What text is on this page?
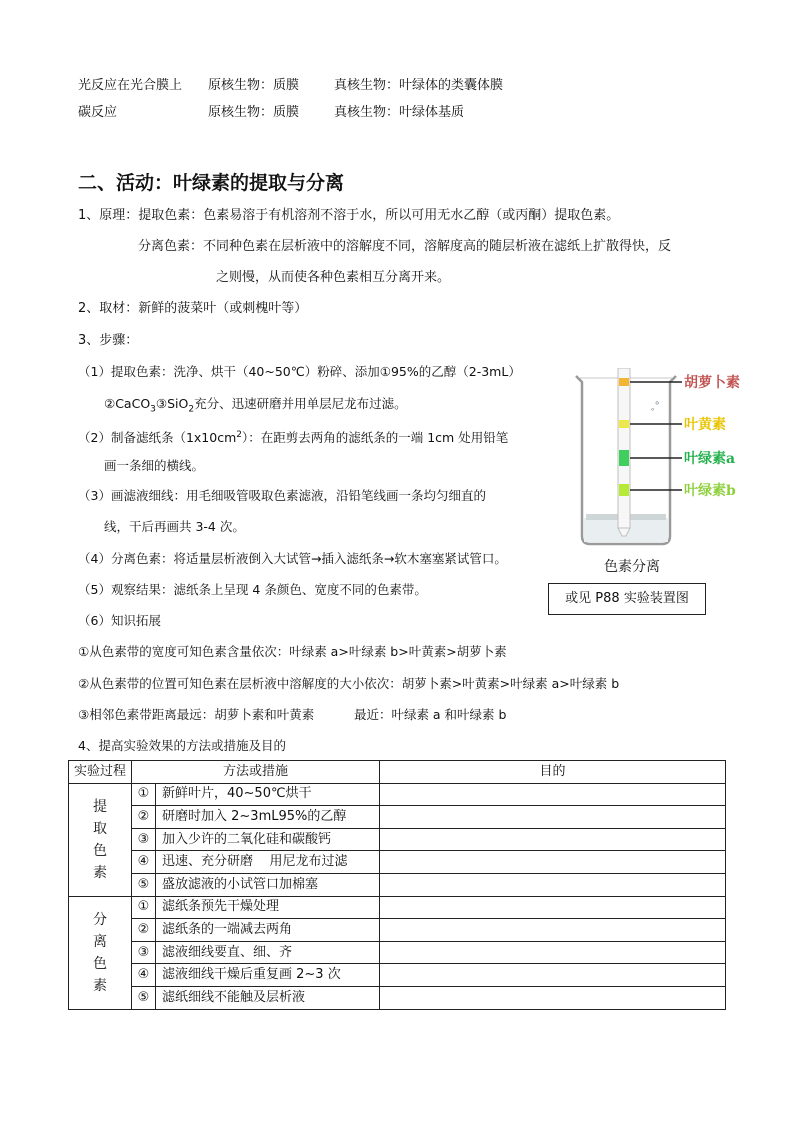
光反应在光合膜上 原核生物：质膜	真核生物：叶绿体的类囊体膜
碳反应	原核生物：质膜	真核生物：叶绿体基质
二、活动：叶绿素的提取与分离
1、原理：提取色素：色素易溶于有机溶剂不溶于水，所以可用无水乙醇（或丙酮）提取色素。
分离色素：不同种色素在层析液中的溶解度不同，溶解度高的随层析液在滤纸上扩散得快，反
之则慢，从而使各种色素相互分离开来。
2、取材：新鲜的菠菜叶（或刺槐叶等）
3、步骤：
（1）提取色素：洗净、烘干（40~50℃）粉碎、添加①95%的乙醇（2-3mL）
②CaCO$_3$③SiO$_2$充分、迅速研磨并用单层尼龙布过滤。
（2）制备滤纸条$(1x10cm^2)$：在距剪去两角的滤纸条的一端 1cm 处用铅笔
画一条细的横线。
（3）画滤液细线：用毛细吸管吸取色素滤液，沿铅笔线画一条均匀细直的
线，干后再画共 3-4 次。
（4）分离色素：将适量层析液倒入大试管→插入滤纸条→软木塞塞紧试管口。
（5）观察结果：滤纸条上呈现 4 条颜色、宽度不同的色素带。
（6）知识拓展
∘
∘
胡萝卜素
叶黄素
叶绿素a
叶绿素b
色素分离
或见 P88 实验装置图
①从色素带的宽度可知色素含量依次：叶绿素 a>叶绿素 b>叶黄素>胡萝卜素
②从色素带的位置可知色素在层析液中溶解度的大小依次：胡萝卜素>叶黄素>叶绿素 a>叶绿素 b
③相邻色素带距离最远：胡萝卜素和叶黄素          最近：叶绿素 a 和叶绿素 b
4、提高实验效果的方法或措施及目的
实验过程	方法或措施		目的

提
取
色
素	①	新鲜叶片，40~50℃烘干	
	②	研磨时加入 2~3mL95%的乙醇	
	③	加入少许的二氧化硅和碳酸钙	
	④	迅速、充分研磨    用尼龙布过滤	
	⑤	盛放滤液的小试管口加棉塞	

分
离
色
素	①	滤纸条预先干燥处理	
	②	滤纸条的一端减去两角	
	③	滤液细线要直、细、齐	
	④	滤液细线干燥后重复画 2~3 次	
	⑤	滤纸细线不能触及层析液	
